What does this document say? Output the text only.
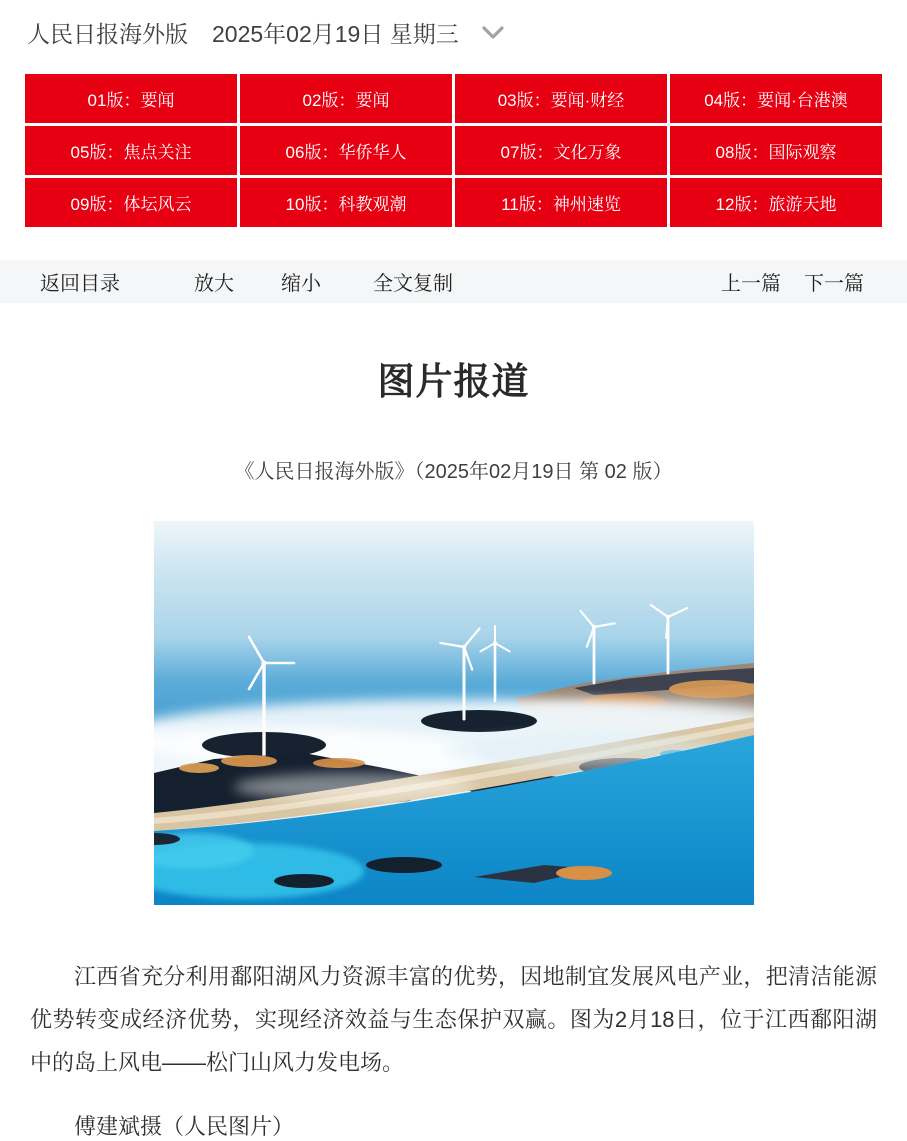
人民日报海外版 2025年02月19日 星期三
01版：要闻	02版：要闻	03版：要闻·财经	04版：要闻·台港澳
05版：焦点关注	06版：华侨华人	07版：文化万象	08版：国际观察
09版：体坛风云	10版：科教观潮	11版：神州速览	12版：旅游天地
返回目录	放大 缩小	全文复制	上一篇 下一篇
图片报道
《人民日报海外版》（2025年02月19日 第 02 版）

江西省充分利用鄱阳湖风力资源丰富的优势，因地制宜发展风电产业，把清洁能源优势转变成经济优势，实现经济效益与生态保护双赢。图为2月18日，位于江西鄱阳湖中的岛上风电——松门山风力发电场。

傅建斌摄（人民图片）
